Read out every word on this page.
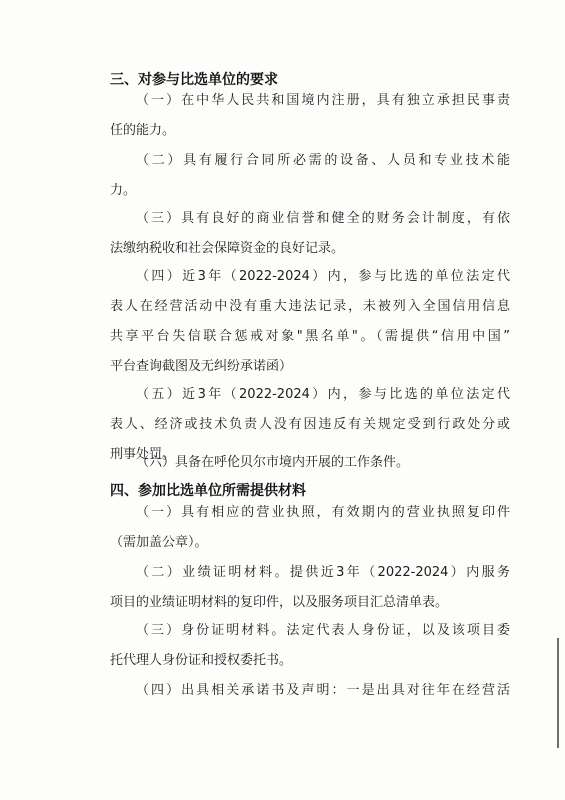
三、对参与比选单位的要求
（一）在中华人民共和国境内注册，具有独立承担民事责
任的能力。
（二）具有履行合同所必需的设备、人员和专业技术能
力。
（三）具有良好的商业信誉和健全的财务会计制度，有依
法缴纳税收和社会保障资金的良好记录。
（四）近3年（2022-2024）内，参与比选的单位法定代
表人在经营活动中没有重大违法记录，未被列入全国信用信息
共享平台失信联合惩戒对象"黑名单"。（需提供“信用中国”
平台查询截图及无纠纷承诺函）
（五）近3年（2022-2024）内，参与比选的单位法定代
表人、经济或技术负责人没有因违反有关规定受到行政处分或
刑事处罚。
（六）具备在呼伦贝尔市境内开展的工作条件。
四、参加比选单位所需提供材料
（一）具有相应的营业执照，有效期内的营业执照复印件
（需加盖公章）。
（二）业绩证明材料。提供近3年（2022-2024）内服务
项目的业绩证明材料的复印件，以及服务项目汇总清单表。
（三）身份证明材料。法定代表人身份证，以及该项目委
托代理人身份证和授权委托书。
（四）出具相关承诺书及声明：一是出具对往年在经营活
